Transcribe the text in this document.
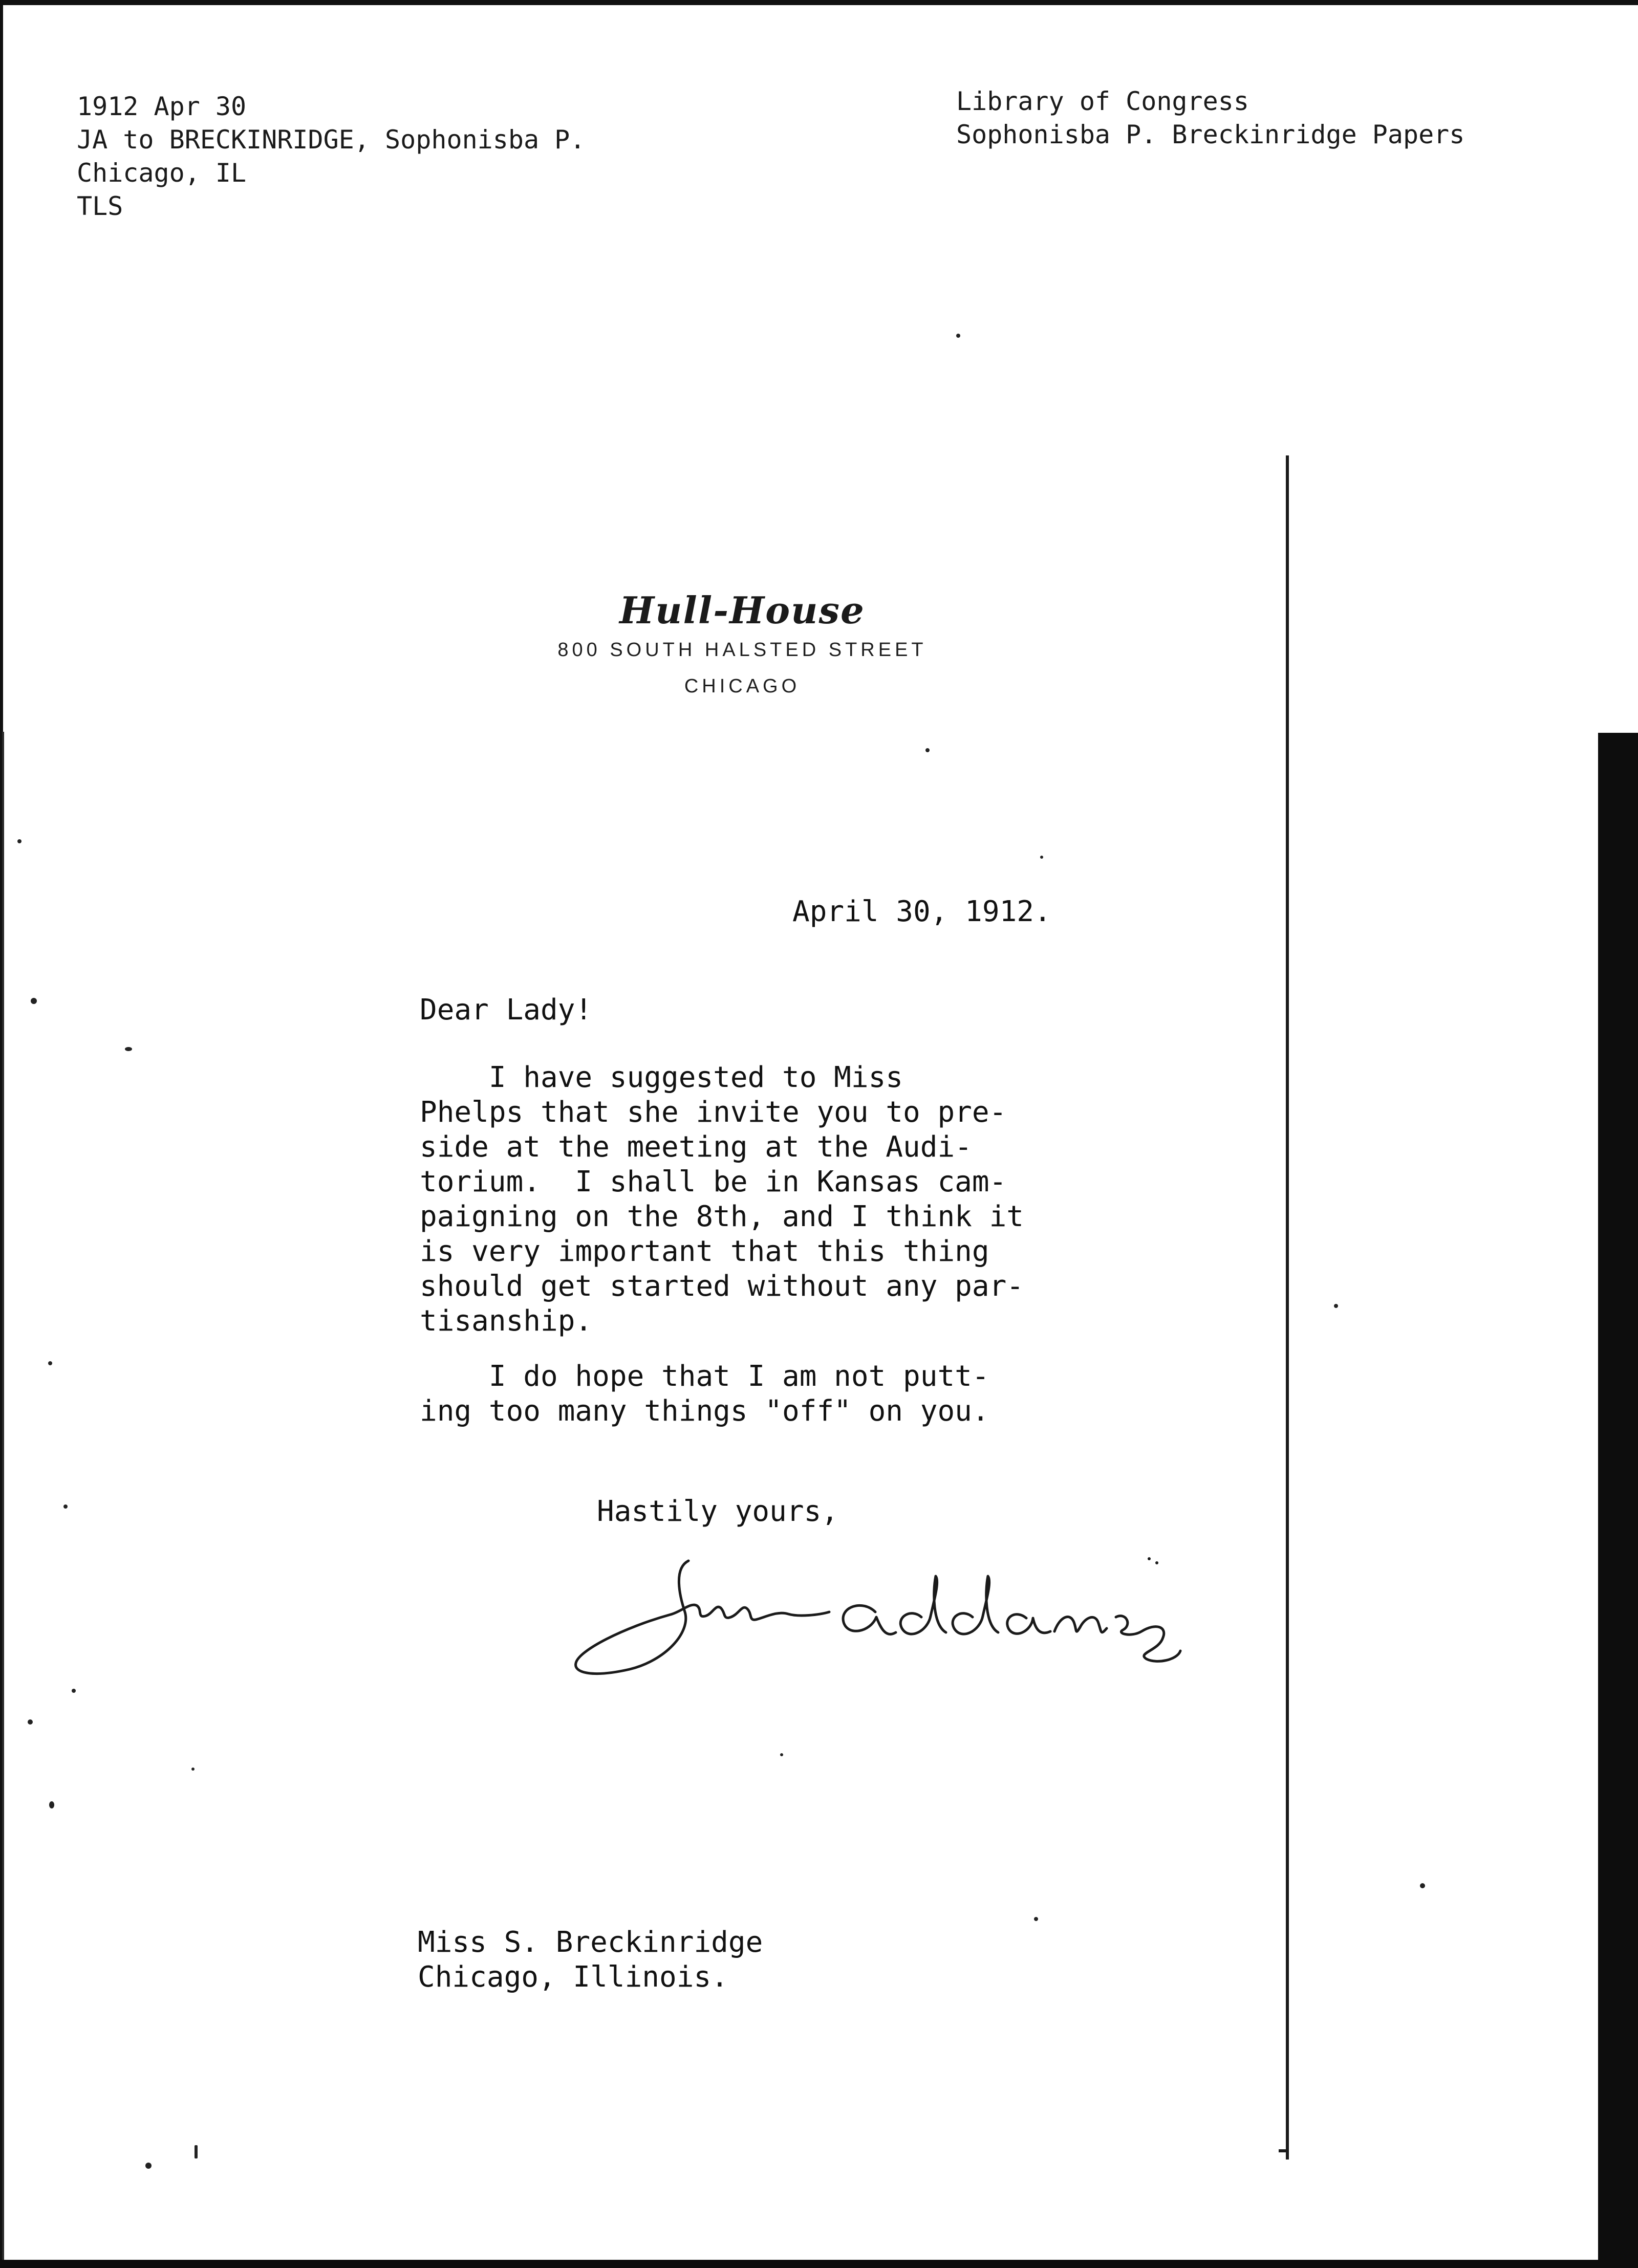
1912 Apr 30
JA to BRECKINRIDGE, Sophonisba P.
Chicago, IL
TLS
Library of Congress
Sophonisba P. Breckinridge Papers
Hull-House
800 SOUTH HALSTED STREET
CHICAGO
April 30, 1912.
Dear Lady!
I have suggested to Miss
Phelps that she invite you to pre-
side at the meeting at the Audi-
torium.  I shall be in Kansas cam-
paigning on the 8th, and I think it
is very important that this thing
should get started without any par-
tisanship.
I do hope that I am not putt-
ing too many things "off" on you.
Hastily yours,
Miss S. Breckinridge
Chicago, Illinois.
